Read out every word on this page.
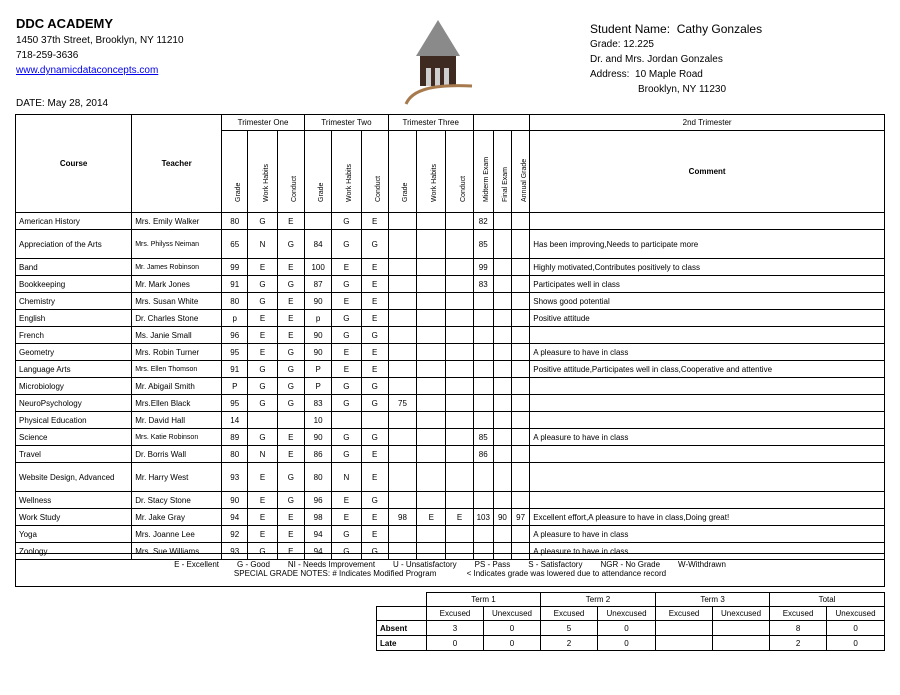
DDC ACADEMY
1450 37th Street, Brooklyn, NY 11210
718-259-3636
www.dynamicdataconcepts.com
DATE: May 28, 2014
Student Name: Cathy Gonzales
Grade: 12.225
Dr. and Mrs. Jordan Gonzales
Address: 10 Maple Road
Brooklyn, NY 11230
Course	Teacher	Trimester One			Trimester Two			Trimester Three						2nd Trimester

		Grade	Work Habits	Conduct	Grade	Work Habits	Conduct	Grade	Work Habits	Conduct	Midterm Exam	Final Exam	Annual Grade	Comment
American History	Mrs. Emily Walker	80	G	E		G	E				82			
Appreciation of the Arts	Mrs. Philyss Neiman	65	N	G	84	G	G				85			Has been improving,Needs to participate more
Band	Mr. James Robinson	99	E	E	100	E	E				99			Highly motivated,Contributes positively to class
Bookkeeping	Mr. Mark Jones	91	G	G	87	G	E				83			Participates well in class
Chemistry	Mrs. Susan White	80	G	E	90	E	E							Shows good potential
English	Dr. Charles Stone	p	E	E	p	G	E							Positive attitude
French	Ms. Janie Small	96	E	E	90	G	G							
Geometry	Mrs. Robin Turner	95	E	G	90	E	E							A pleasure to have in class
Language Arts	Mrs. Ellen Thomson	91	G	G	P	E	E							Positive attitude,Participates well in class,Cooperative and attentive
Microbiology	Mr. Abigail Smith	P	G	G	P	G	G							
NeuroPsychology	Mrs.Ellen Black	95	G	G	83	G	G	75						
Physical Education	Mr. David Hall	14			10									
Science	Mrs. Katie Robinson	89	G	E	90	G	G				85			A pleasure to have in class
Travel	Dr. Borris Wall	80	N	E	86	G	E				86			
Website Design, Advanced	Mr. Harry West	93	E	G	80	N	E							
Wellness	Dr. Stacy Stone	90	E	G	96	E	G							
Work Study	Mr. Jake Gray	94	E	E	98	E	E	98	E	E	103	90	97	Excellent effort,A pleasure to have in class,Doing great!
Yoga	Mrs. Joanne Lee	92	E	E	94	G	E							A pleasure to have in class
Zoology	Mrs. Sue Williams	93	G	E	94	G	G							A pleasure to have in class
E - Excellent G - Good NI - Needs Improvement U - Unsatisfactory PS - Pass S - Satisfactory NGR - No Grade W-Withdrawn
SPECIAL GRADE NOTES: # Indicates Modified Program	< Indicates grade was lowered due to attendance record
	Term 1		Term 2		Term 3		Total	
	Excused	Unexcused	Excused	Unexcused	Excused	Unexcused	Excused	Unexcused
Absent	3	0	5	0			8	0
Late	0	0	2	0			2	0
